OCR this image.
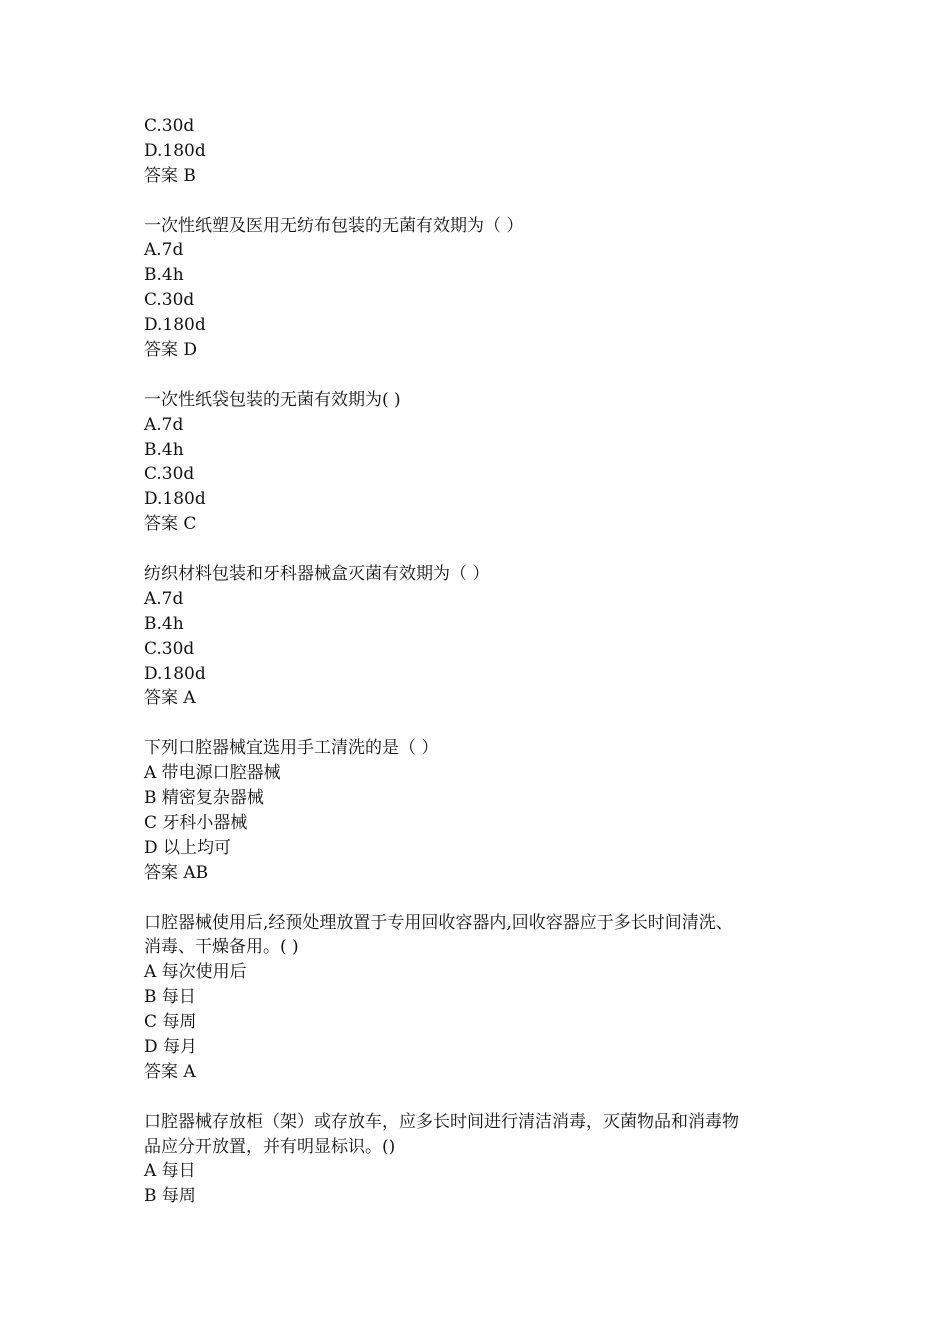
C.30d
D.180d
答案 B
一次性纸塑及医用无纺布包装的无菌有效期为（ ）
A.7d
B.4h
C.30d
D.180d
答案 D
一次性纸袋包装的无菌有效期为( )
A.7d
B.4h
C.30d
D.180d
答案 C
纺织材料包装和牙科器械盒灭菌有效期为（ ）
A.7d
B.4h
C.30d
D.180d
答案 A
下列口腔器械宜选用手工清洗的是（ ）
A 带电源口腔器械
B 精密复杂器械
C 牙科小器械
D 以上均可
答案 AB
口腔器械使用后,经预处理放置于专用回收容器内,回收容器应于多长时间清洗、
消毒、干燥备用。( )
A 每次使用后
B 每日
C 每周
D 每月
答案 A
口腔器械存放柜（架）或存放车，应多长时间进行清洁消毒，灭菌物品和消毒物
品应分开放置，并有明显标识。()
A 每日
B 每周
